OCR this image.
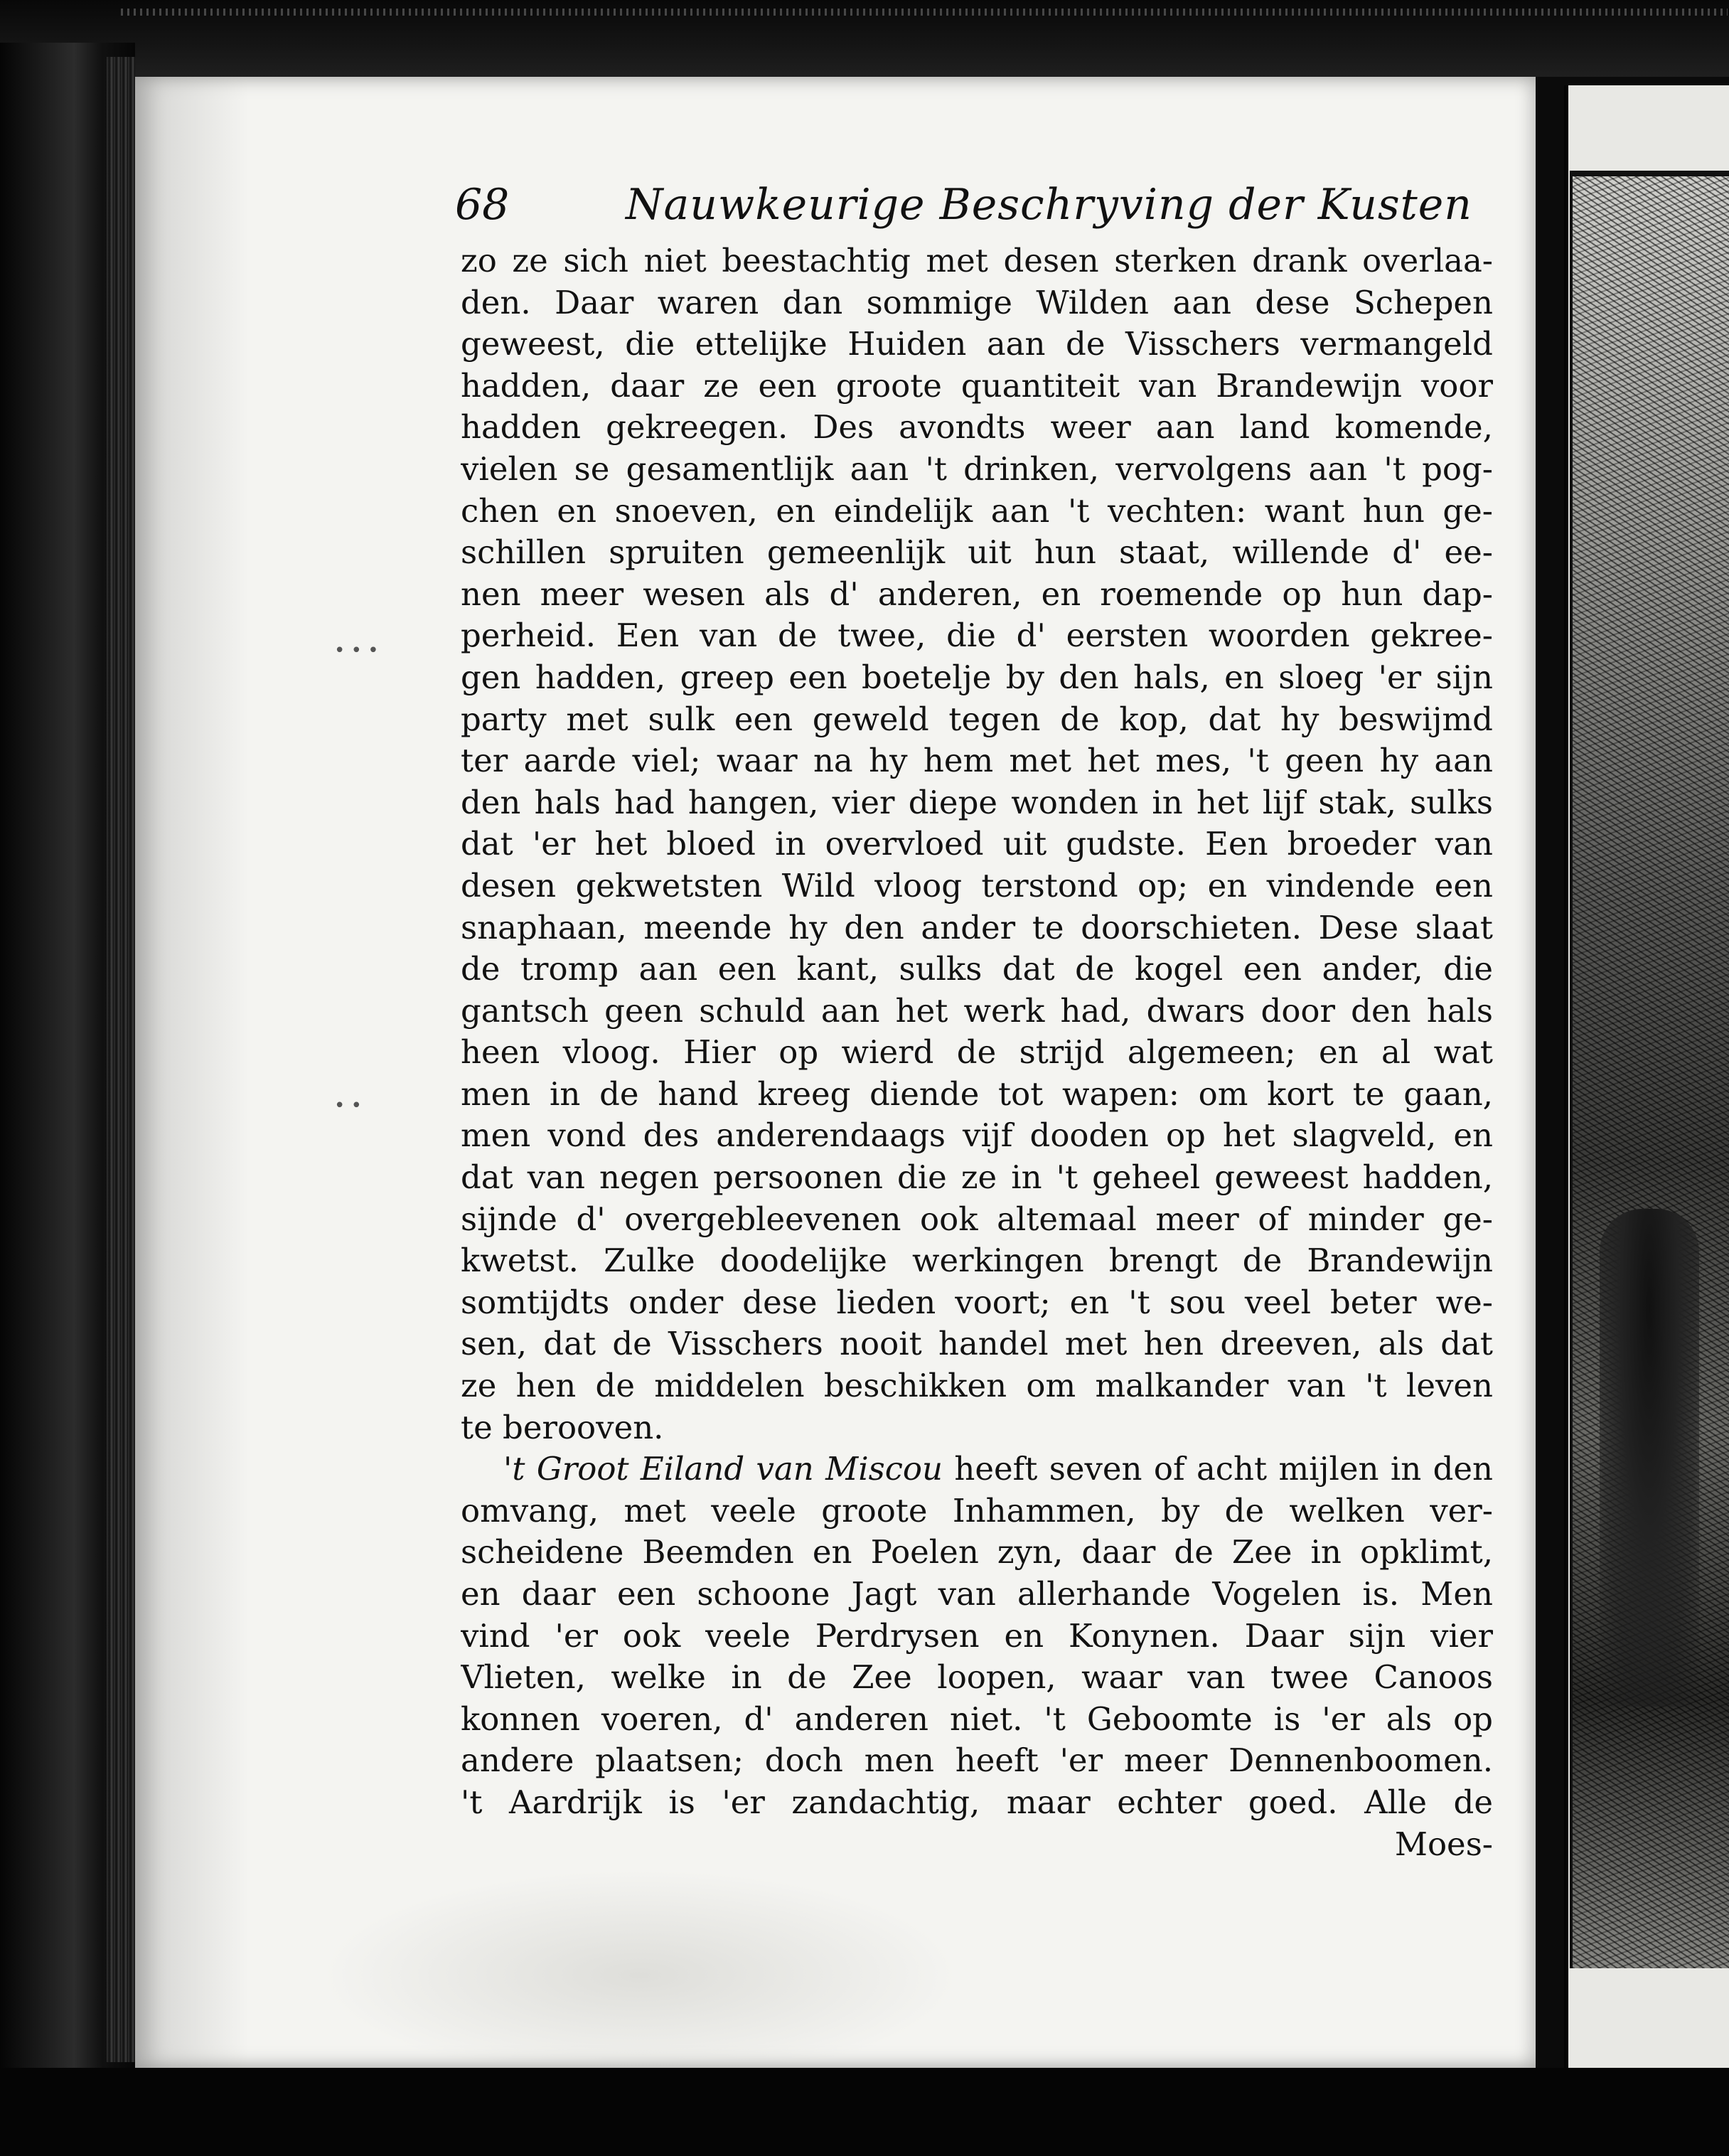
• • •
• •
68	Nauwkeurige Beschryving der Kusten
zo ze sich niet beestachtig met desen sterken drank overlaa-
den. Daar waren dan sommige Wilden aan dese Schepen
geweest, die ettelijke Huiden aan de Visschers vermangeld
hadden, daar ze een groote quantiteit van Brandewijn voor
hadden gekreegen. Des avondts weer aan land komende,
vielen se gesamentlijk aan 't drinken, vervolgens aan 't pog-
chen en snoeven, en eindelijk aan 't vechten: want hun ge-
schillen spruiten gemeenlijk uit hun staat, willende d' ee-
nen meer wesen als d' anderen, en roemende op hun dap-
perheid. Een van de twee, die d' eersten woorden gekree-
gen hadden, greep een boetelje by den hals, en sloeg 'er sijn
party met sulk een geweld tegen de kop, dat hy beswijmd
ter aarde viel; waar na hy hem met het mes, 't geen hy aan
den hals had hangen, vier diepe wonden in het lijf stak, sulks
dat 'er het bloed in overvloed uit gudste. Een broeder van
desen gekwetsten Wild vloog terstond op; en vindende een
snaphaan, meende hy den ander te doorschieten. Dese slaat
de tromp aan een kant, sulks dat de kogel een ander, die
gantsch geen schuld aan het werk had, dwars door den hals
heen vloog. Hier op wierd de strijd algemeen; en al wat
men in de hand kreeg diende tot wapen: om kort te gaan,
men vond des anderendaags vijf dooden op het slagveld, en
dat van negen persoonen die ze in 't geheel geweest hadden,
sijnde d' overgebleevenen ook altemaal meer of minder ge-
kwetst. Zulke doodelijke werkingen brengt de Brandewijn
somtijdts onder dese lieden voort; en 't sou veel beter we-
sen, dat de Visschers nooit handel met hen dreeven, als dat
ze hen de middelen beschikken om malkander van 't leven
te berooven.
't Groot Eiland van Miscou heeft seven of acht mijlen in den
omvang, met veele groote Inhammen, by de welken ver-
scheidene Beemden en Poelen zyn, daar de Zee in opklimt,
en daar een schoone Jagt van allerhande Vogelen is. Men
vind 'er ook veele Perdrysen en Konynen. Daar sijn vier
Vlieten, welke in de Zee loopen, waar van twee Canoos
konnen voeren, d' anderen niet. 't Geboomte is 'er als op
andere plaatsen; doch men heeft 'er meer Dennenboomen.
't Aardrijk is 'er zandachtig, maar echter goed. Alle de
Moes-
